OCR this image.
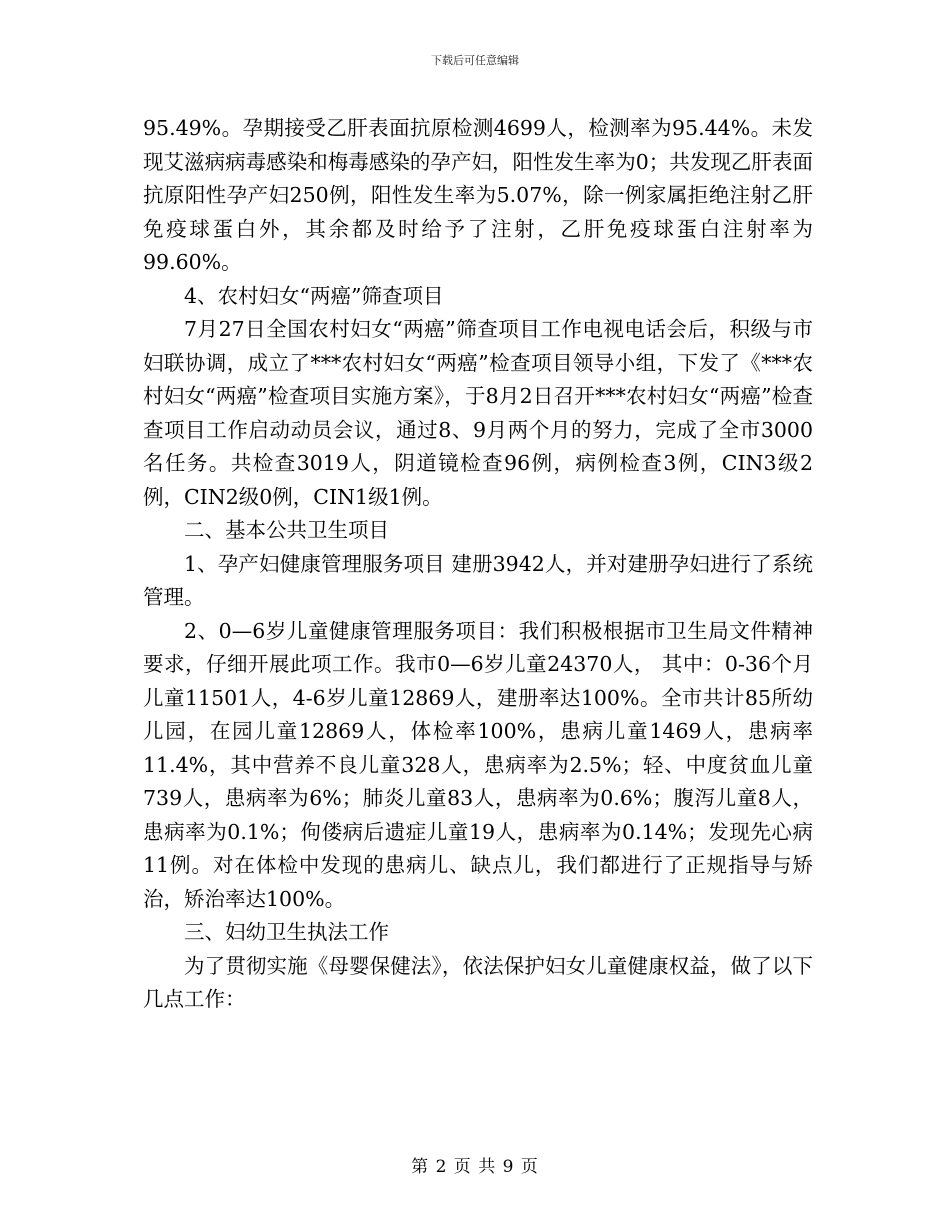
下载后可任意编辑

95.49%。孕期接受乙肝表面抗原检测4699人，检测率为95.44%。未发现艾滋病病毒感染和梅毒感染的孕产妇，阳性发生率为0；共发现乙肝表面抗原阳性孕产妇250例，阳性发生率为5.07%，除一例家属拒绝注射乙肝免疫球蛋白外，其余都及时给予了注射，乙肝免疫球蛋白注射率为99.60%。

4、农村妇女“两癌”筛查项目

7月27日全国农村妇女“两癌”筛查项目工作电视电话会后，积级与市妇联协调，成立了***农村妇女“两癌”检查项目领导小组，下发了《***农村妇女“两癌”检查项目实施方案》，于8月2日召开***农村妇女“两癌”检查查项目工作启动动员会议，通过8、9月两个月的努力，完成了全市3000名任务。共检查3019人，阴道镜检查96例，病例检查3例，CIN3级2例，CIN2级0例，CIN1级1例。

二、基本公共卫生项目

1、孕产妇健康管理服务项目 建册3942人，并对建册孕妇进行了系统管理。

2、0—6岁儿童健康管理服务项目：我们积极根据市卫生局文件精神要求，仔细开展此项工作。我市0—6岁儿童24370人， 其中：0-36个月儿童11501人，4-6岁儿童12869人，建册率达100%。全市共计85所幼儿园，在园儿童12869人，体检率100%，患病儿童1469人，患病率11.4%，其中营养不良儿童328人，患病率为2.5%；轻、中度贫血儿童739人，患病率为6%；肺炎儿童83人，患病率为0.6%；腹泻儿童8人，患病率为0.1%；佝偻病后遗症儿童19人，患病率为0.14%；发现先心病11例。对在体检中发现的患病儿、缺点儿，我们都进行了正规指导与矫治，矫治率达100%。

三、妇幼卫生执法工作

为了贯彻实施《母婴保健法》，依法保护妇女儿童健康权益，做了以下几点工作：

第 2 页 共 9 页
